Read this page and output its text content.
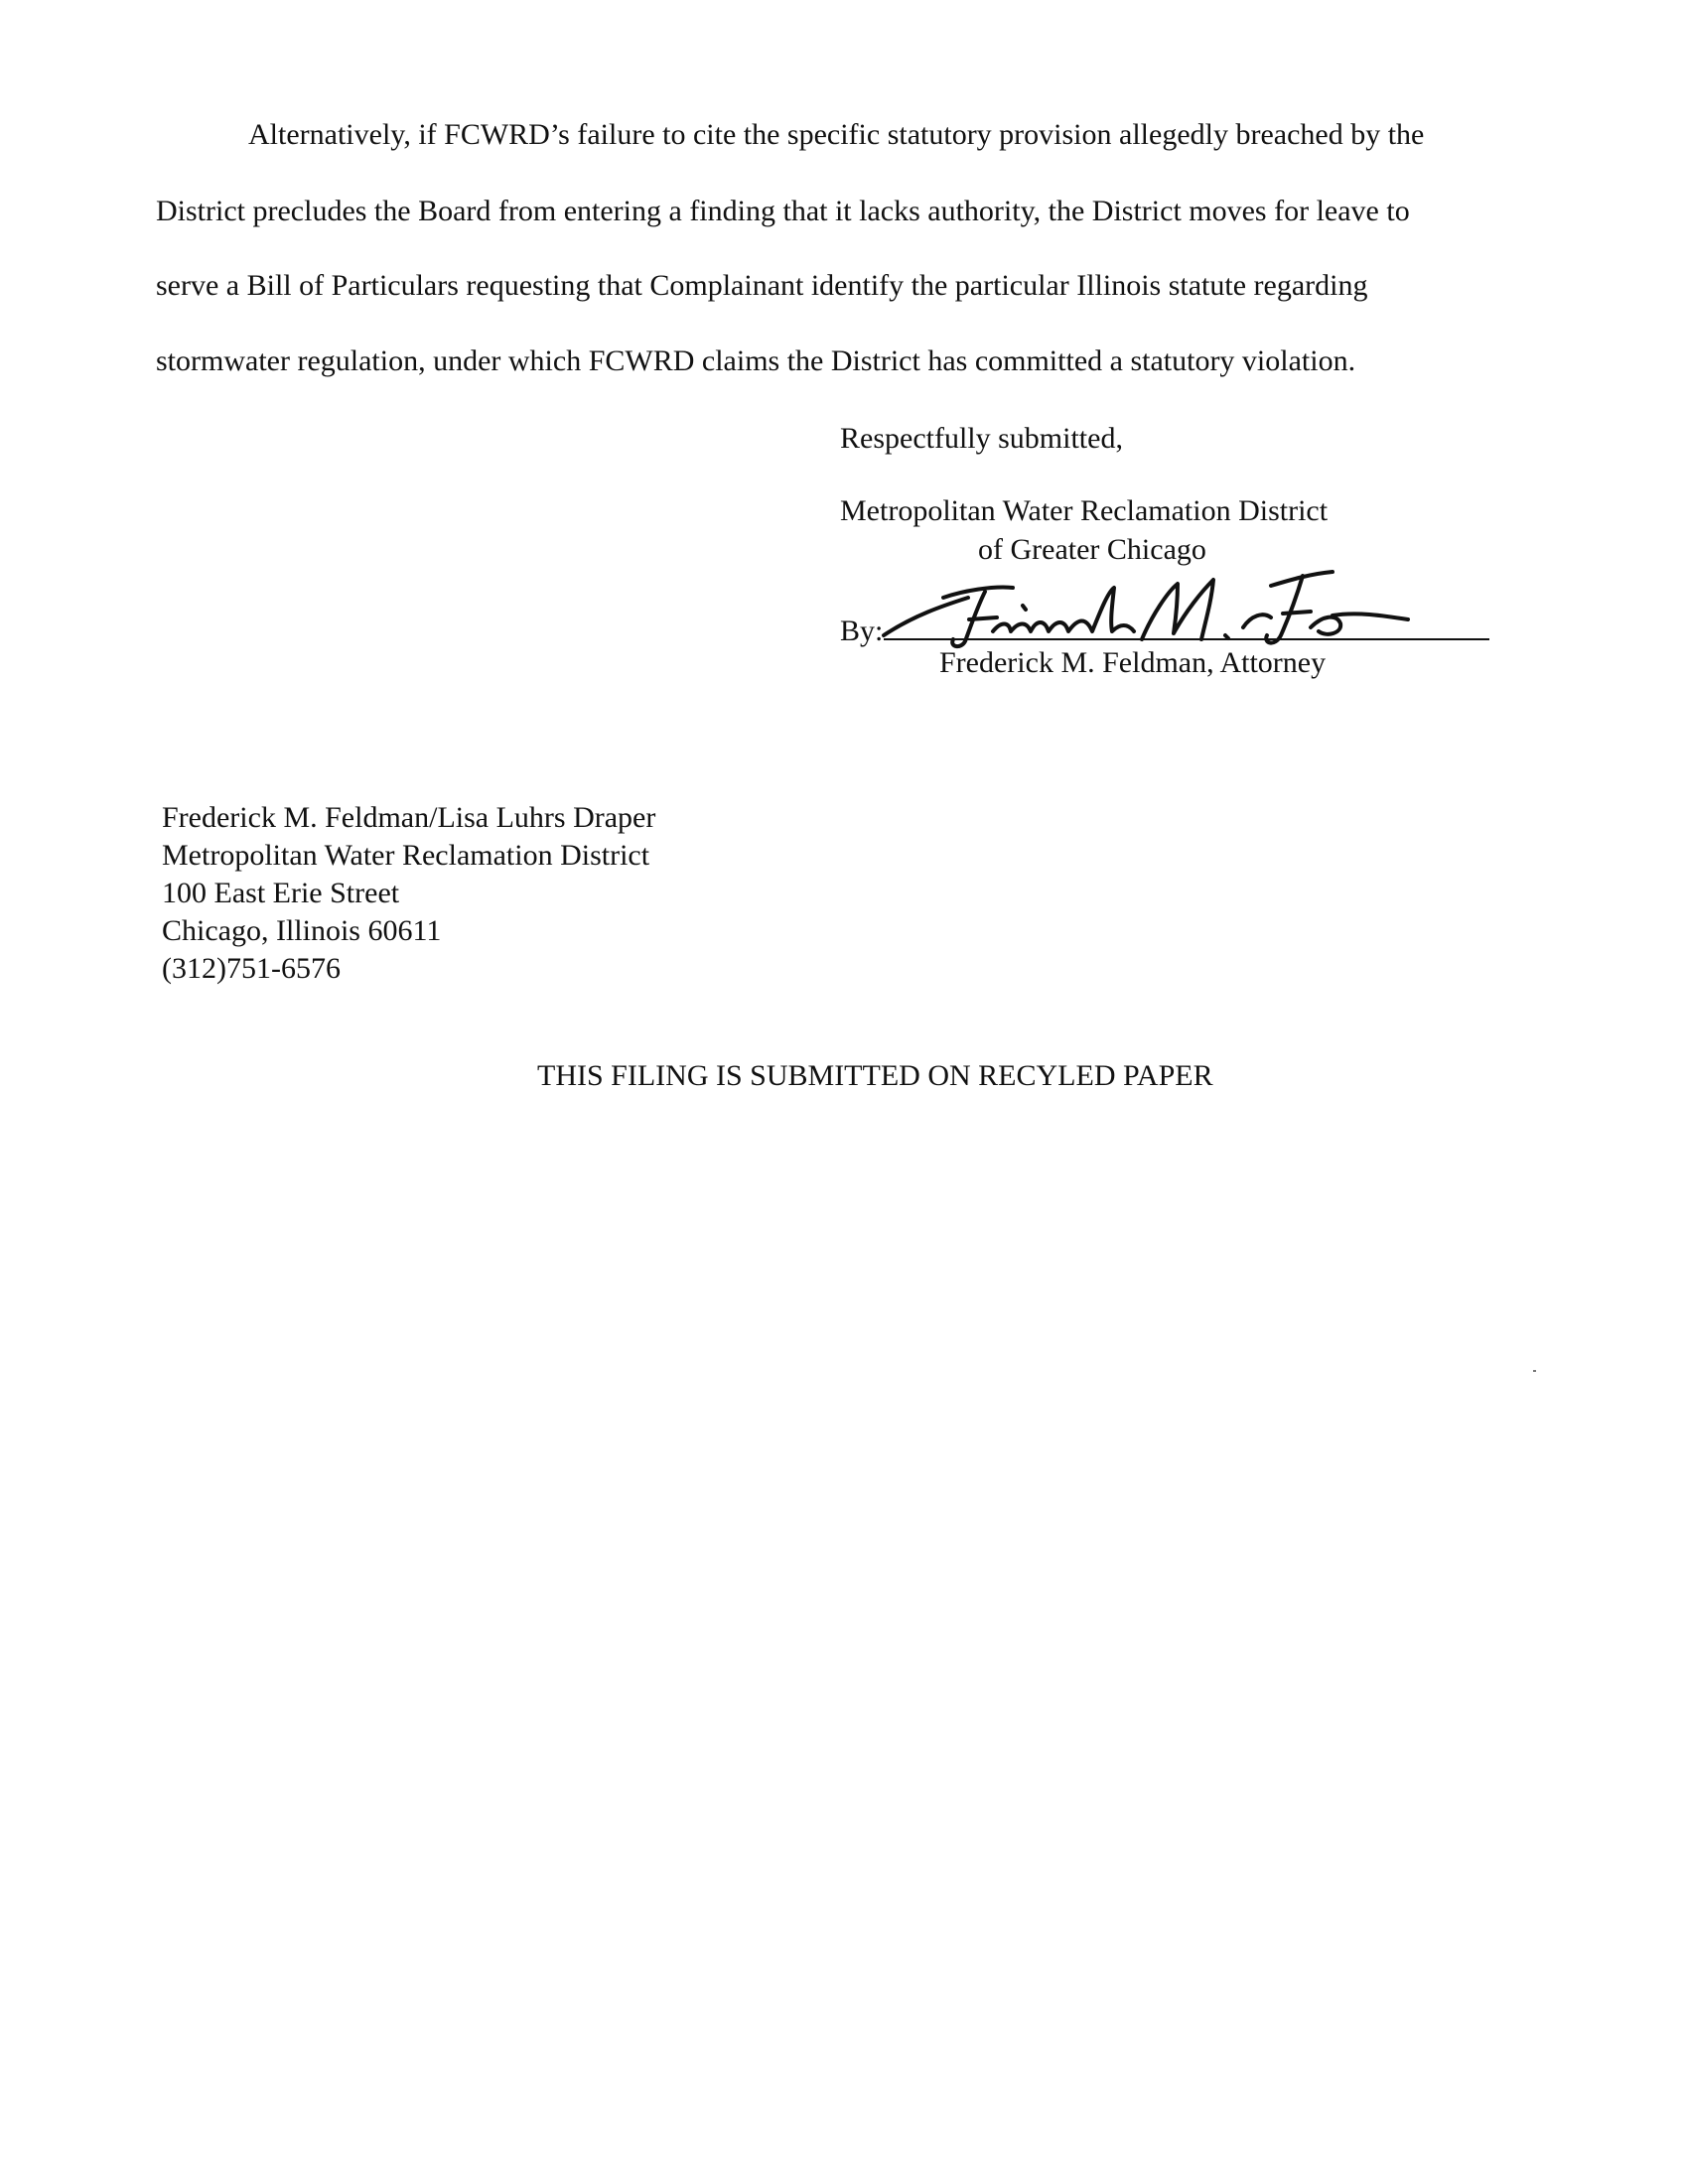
Alternatively, if FCWRD’s failure to cite the specific statutory provision allegedly breached by the
District precludes the Board from entering a finding that it lacks authority, the District moves for leave to
serve a Bill of Particulars requesting that Complainant identify the particular Illinois statute regarding
stormwater regulation, under which FCWRD claims the District has committed a statutory violation.
Respectfully submitted,
Metropolitan Water Reclamation District
of Greater Chicago
By:
Frederick M. Feldman, Attorney
Frederick M. Feldman/Lisa Luhrs Draper
Metropolitan Water Reclamation District
100 East Erie Street
Chicago, Illinois 60611
(312)751-6576
THIS FILING IS SUBMITTED ON RECYLED PAPER
